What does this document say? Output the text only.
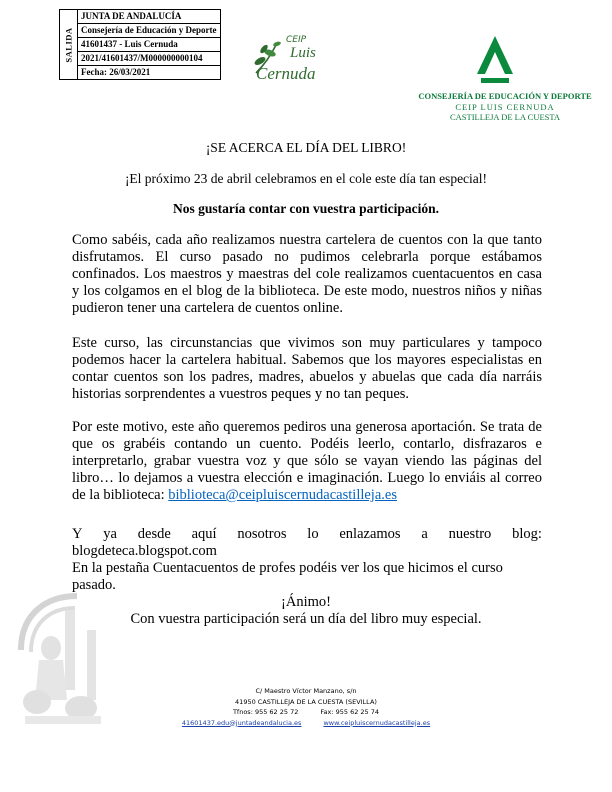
SALIDA
JUNTA DE ANDALUCÍA
Consejería de Educación y Deporte
41601437 - Luis Cernuda
2021/41601437/M000000000104
Fecha: 26/03/2021
CEIP
Luis
Cernuda
CONSEJERÍA DE EDUCACIÓN Y DEPORTE
CEIP LUIS CERNUDA
CASTILLEJA DE LA CUESTA
¡SE ACERCA EL DÍA DEL LIBRO!
¡El próximo 23 de abril celebramos en el cole este día tan especial!
Nos gustaría contar con vuestra participación.
Como sabéis, cada año realizamos nuestra cartelera de cuentos con la que tanto disfrutamos. El curso pasado no pudimos celebrarla porque estábamos confinados. Los maestros y maestras del cole realizamos cuentacuentos en casa y los colgamos en el blog de la biblioteca. De este modo, nuestros niños y niñas pudieron tener una cartelera de cuentos online.
Este curso, las circunstancias que vivimos son muy particulares y tampoco podemos hacer la cartelera habitual. Sabemos que los mayores especialistas en contar cuentos son los padres, madres, abuelos y abuelas que cada día narráis historias sorprendentes a vuestros peques y no tan peques.
Por este motivo, este año queremos pediros una generosa aportación. Se trata de que os grabéis contando un cuento. Podéis leerlo, contarlo, disfrazaros e interpretarlo, grabar vuestra voz y que sólo se vayan viendo las páginas del libro… lo dejamos a vuestra elección e imaginación. Luego lo enviáis al correo de la biblioteca: biblioteca@ceipluiscernudacastilleja.es
Y ya desde aquí nosotros lo enlazamos a nuestro blog:
blogdeteca.blogspot.com
En la pestaña Cuentacuentos de profes podéis ver los que hicimos el curso pasado.
¡Ánimo!
Con vuestra participación será un día del libro muy especial.
C/ Maestro Víctor Manzano, s/n
41950 CASTILLEJA DE LA CUESTA (SEVILLA)
Tfnos: 955 62 25 72	Fax: 955 62 25 74
41601437.edu@juntadeandalucia.es	www.ceipluiscernudacastilleja.es
